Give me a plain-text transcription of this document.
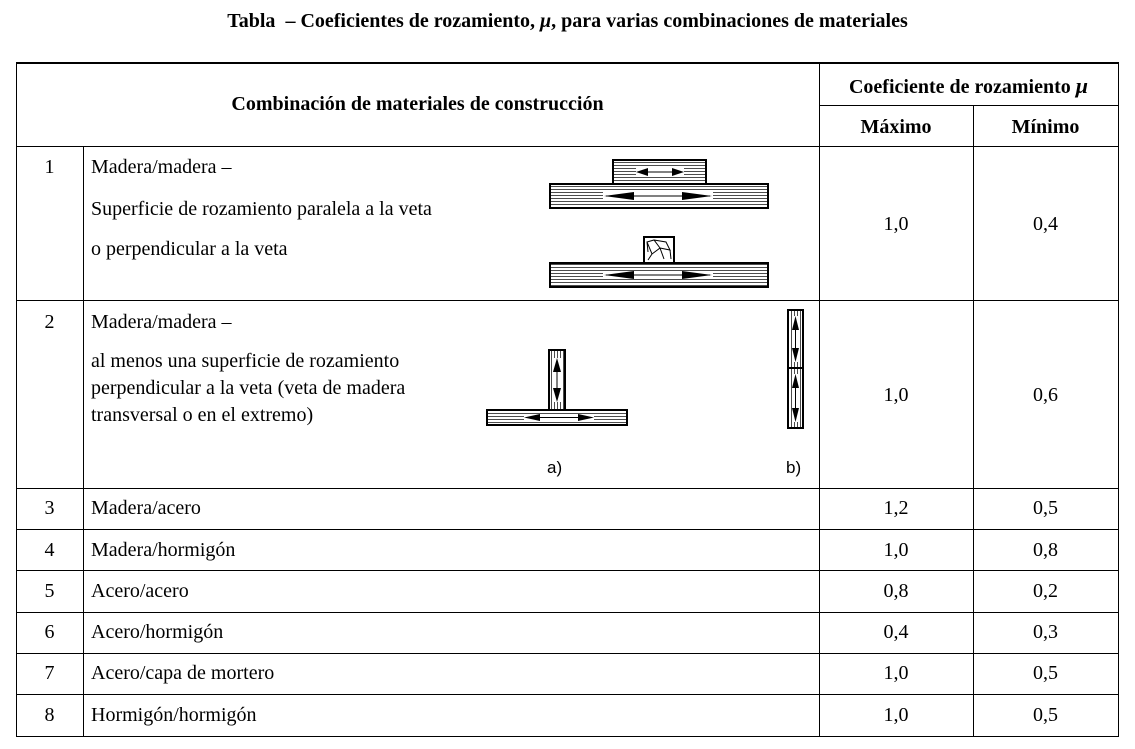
Tabla  – Coeficientes de rozamiento, μ, para varias combinaciones de materiales
Combinación de materiales de construcción
Coeficiente de rozamiento μ
Máximo	Mínimo
1	Madera/madera –
Superficie de rozamiento paralela a la veta
o perpendicular a la veta
1,0	0,4
2	Madera/madera –
al menos una superficie de rozamiento
perpendicular a la veta (veta de madera
transversal o en el extremo)
1,0	0,6
a)	b)
3	Madera/acero	1,2	0,5
4	Madera/hormigón	1,0	0,8
5	Acero/acero	0,8	0,2
6	Acero/hormigón	0,4	0,3
7	Acero/capa de mortero	1,0	0,5
8	Hormigón/hormigón	1,0	0,5
